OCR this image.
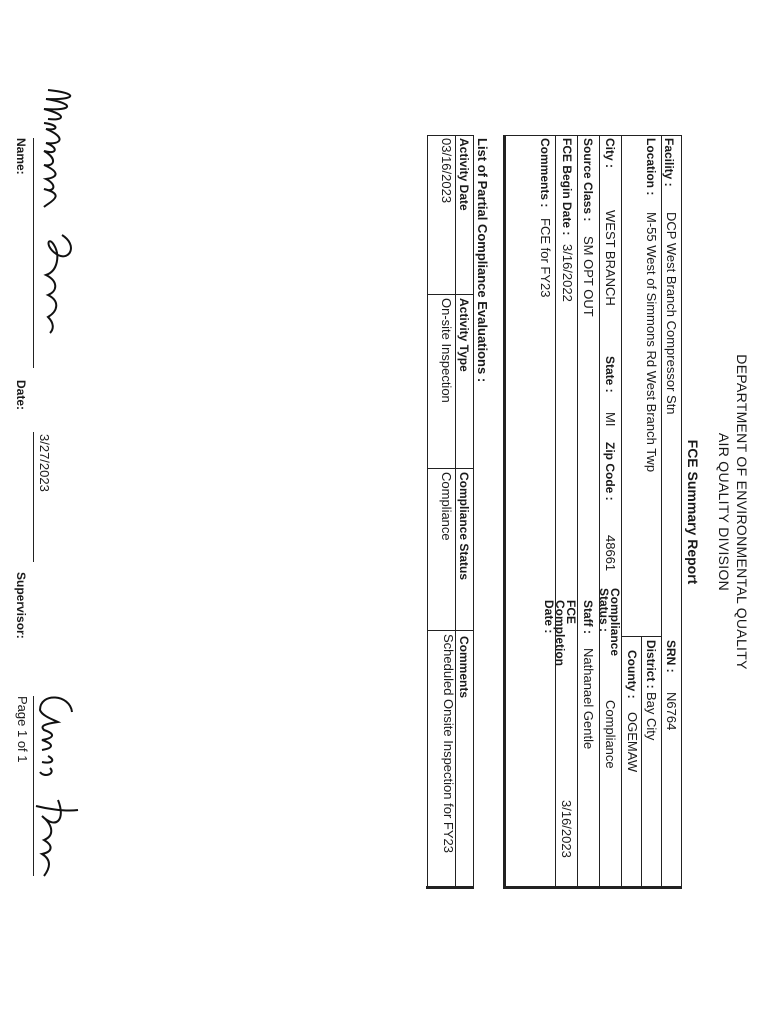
DEPARTMENT OF ENVIRONMENTAL QUALITY
AIR QUALITY DIVISION
FCE Summary Report
Facility :
DCP West Branch Compressor Stn
SRN :
N6764
Location :
M-55 West of Simmons Rd West Branch Twp
District :
Bay City
County :
OGEMAW
City :
WEST BRANCH
State :
MI
Zip Code :
48661
Compliance Status :
Compliance
Source Class :
SM OPT OUT
Staff :
Nathanael Gentle
FCE Begin Date :
3/16/2022
FCE Completion Date :
3/16/2023
Comments :
FCE for FY23
List of Partial Compliance Evaluations :
Activity Date
Activity Type
Compliance Status
Comments
03/16/2023
On-site Inspection
Compliance
Scheduled Onsite Inspection for FY23
Name:
Date:
3/27/2023
Supervisor:
Page 1 of 1
